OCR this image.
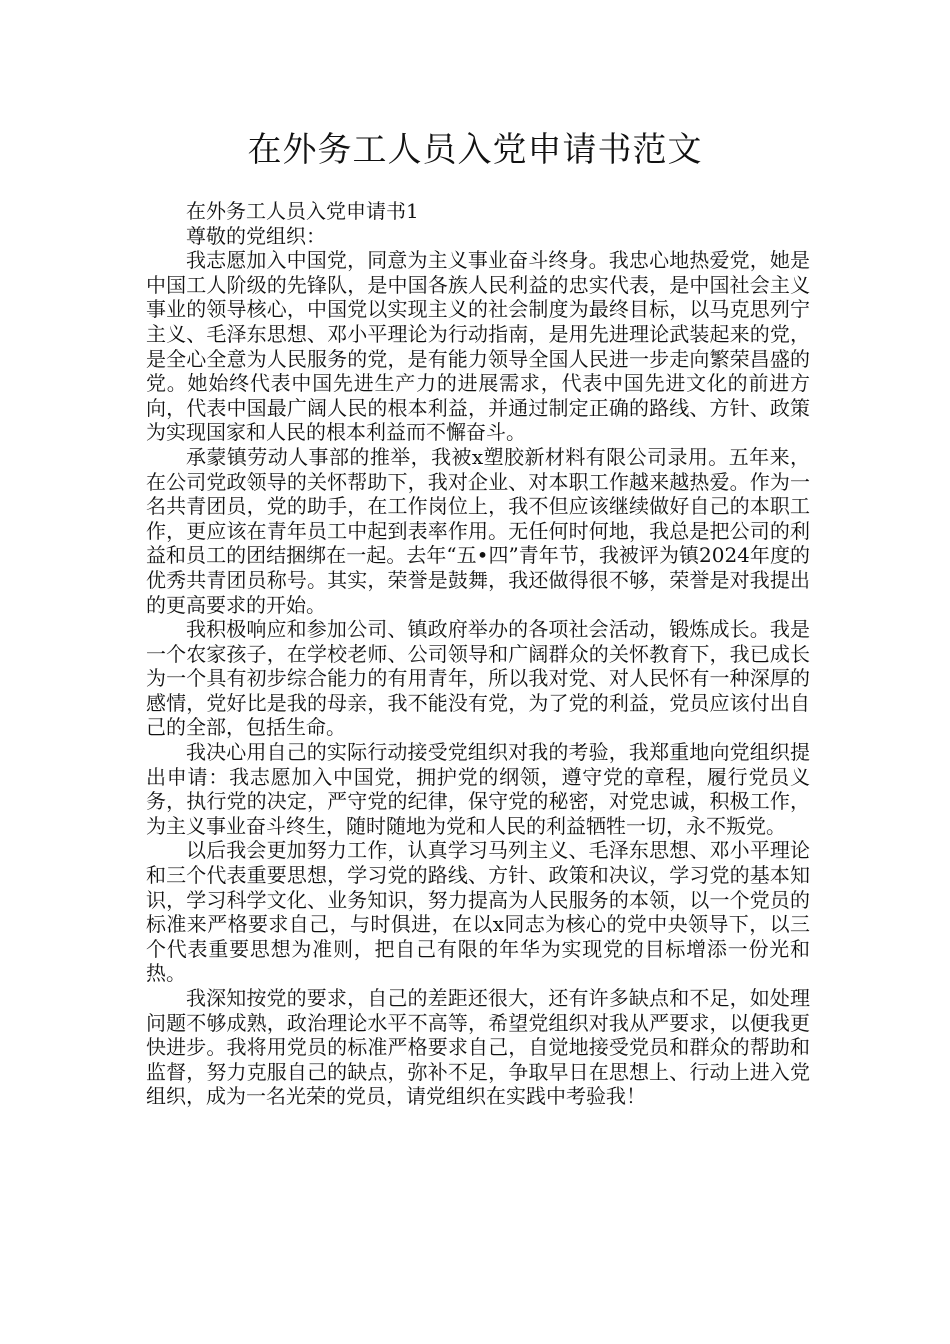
在外务工人员入党申请书范文

在外务工人员入党申请书1

尊敬的党组织：

我志愿加入中国党，同意为主义事业奋斗终身。我忠心地热爱党，她是中国工人阶级的先锋队，是中国各族人民利益的忠实代表，是中国社会主义事业的领导核心，中国党以实现主义的社会制度为最终目标，以马克思列宁主义、毛泽东思想、邓小平理论为行动指南，是用先进理论武装起来的党，是全心全意为人民服务的党，是有能力领导全国人民进一步走向繁荣昌盛的党。她始终代表中国先进生产力的进展需求，代表中国先进文化的前进方向，代表中国最广阔人民的根本利益，并通过制定正确的路线、方针、政策为实现国家和人民的根本利益而不懈奋斗。

承蒙镇劳动人事部的推举，我被x塑胶新材料有限公司录用。五年来，在公司党政领导的关怀帮助下，我对企业、对本职工作越来越热爱。作为一名共青团员，党的助手，在工作岗位上，我不但应该继续做好自己的本职工作，更应该在青年员工中起到表率作用。无任何时何地，我总是把公司的利益和员工的团结捆绑在一起。去年“五•四”青年节，我被评为镇2024年度的优秀共青团员称号。其实，荣誉是鼓舞，我还做得很不够，荣誉是对我提出的更高要求的开始。

我积极响应和参加公司、镇政府举办的各项社会活动，锻炼成长。我是一个农家孩子，在学校老师、公司领导和广阔群众的关怀教育下，我已成长为一个具有初步综合能力的有用青年，所以我对党、对人民怀有一种深厚的感情，党好比是我的母亲，我不能没有党，为了党的利益，党员应该付出自己的全部，包括生命。

我决心用自己的实际行动接受党组织对我的考验，我郑重地向党组织提出申请：我志愿加入中国党，拥护党的纲领，遵守党的章程，履行党员义务，执行党的决定，严守党的纪律，保守党的秘密，对党忠诚，积极工作，为主义事业奋斗终生，随时随地为党和人民的利益牺牲一切，永不叛党。

以后我会更加努力工作，认真学习马列主义、毛泽东思想、邓小平理论和三个代表重要思想，学习党的路线、方针、政策和决议，学习党的基本知识，学习科学文化、业务知识，努力提高为人民服务的本领，以一个党员的标准来严格要求自己，与时俱进，在以x同志为核心的党中央领导下，以三个代表重要思想为准则，把自己有限的年华为实现党的目标增添一份光和热。

我深知按党的要求，自己的差距还很大，还有许多缺点和不足，如处理问题不够成熟，政治理论水平不高等，希望党组织对我从严要求，以便我更快进步。我将用党员的标准严格要求自己，自觉地接受党员和群众的帮助和监督，努力克服自己的缺点，弥补不足，争取早日在思想上、行动上进入党组织，成为一名光荣的党员，请党组织在实践中考验我！
